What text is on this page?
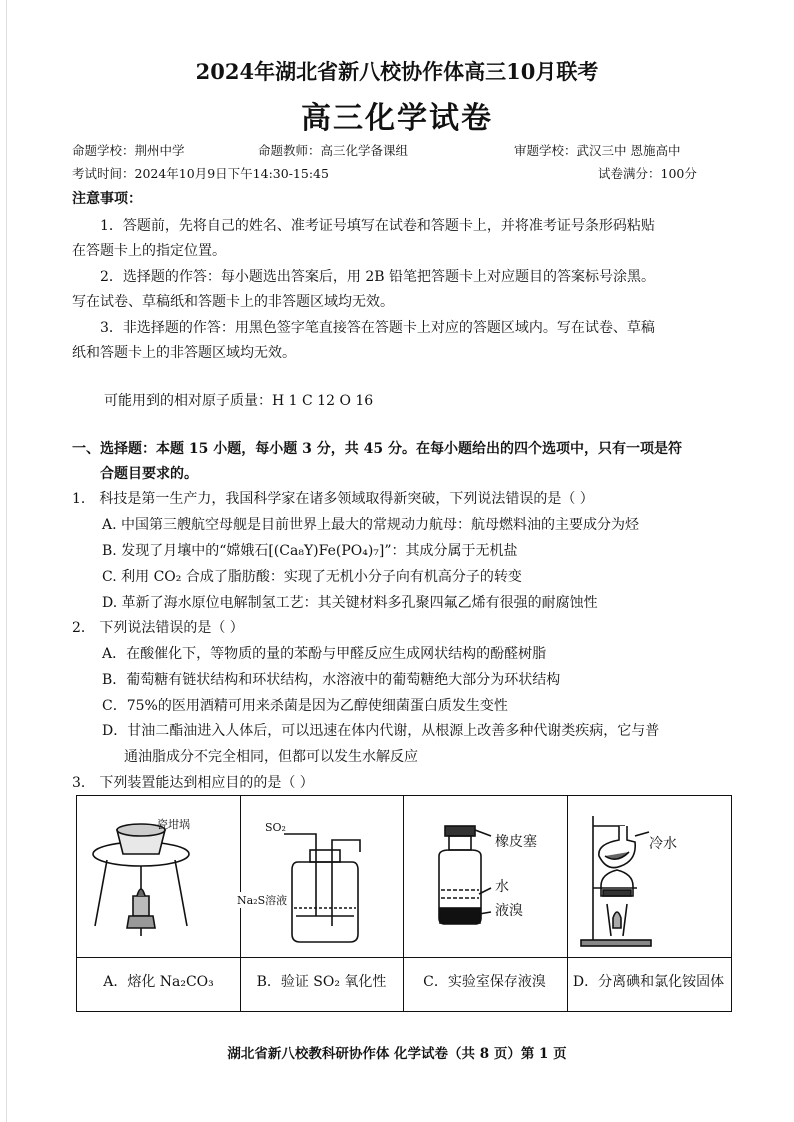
2024年湖北省新八校协作体高三10月联考
高三化学试卷
命题学校：荆州中学	命题教师：高三化学备课组	审题学校：武汉三中 恩施高中
考试时间：2024年10月9日下午14:30-15:45	试卷满分：100分
注意事项：
1．答题前，先将自己的姓名、准考证号填写在试卷和答题卡上，并将准考证号条形码粘贴
在答题卡上的指定位置。
2．选择题的作答：每小题选出答案后，用 2B 铅笔把答题卡上对应题目的答案标号涂黑。
写在试卷、草稿纸和答题卡上的非答题区域均无效。
3．非选择题的作答：用黑色签字笔直接答在答题卡上对应的答题区域内。写在试卷、草稿
纸和答题卡上的非答题区域均无效。
可能用到的相对原子质量：H 1 C 12 O 16
一、选择题：本题 15 小题，每小题 3 分，共 45 分。在每小题给出的四个选项中，只有一项是符
合题目要求的。
1． 科技是第一生产力，我国科学家在诸多领域取得新突破，下列说法错误的是（ ）
A. 中国第三艘航空母舰是目前世界上最大的常规动力航母：航母燃料油的主要成分为烃
B. 发现了月壤中的“嫦娥石[(Ca₈Y)Fe(PO₄)₇]”：其成分属于无机盐
C. 利用 CO₂ 合成了脂肪酸：实现了无机小分子向有机高分子的转变
D. 革新了海水原位电解制氢工艺：其关键材料多孔聚四氟乙烯有很强的耐腐蚀性
2． 下列说法错误的是（ ）
A．在酸催化下，等物质的量的苯酚与甲醛反应生成网状结构的酚醛树脂
B．葡萄糖有链状结构和环状结构，水溶液中的葡萄糖绝大部分为环状结构
C．75%的医用酒精可用来杀菌是因为乙醇使细菌蛋白质发生变性
D．甘油二酯油进入人体后，可以迅速在体内代谢，从根源上改善多种代谢类疾病，它与普
通油脂成分不完全相同，但都可以发生水解反应
3． 下列装置能达到相应目的的是（ ）
瓷坩埚	SO₂
Na₂S溶液
橡皮塞
水
液溴
冷水
A．熔化 Na₂CO₃	B．验证 SO₂ 氧化性	C．实验室保存液溴	D．分离碘和氯化铵固体
湖北省新八校教科研协作体 化学试卷（共 8 页）第 1 页
